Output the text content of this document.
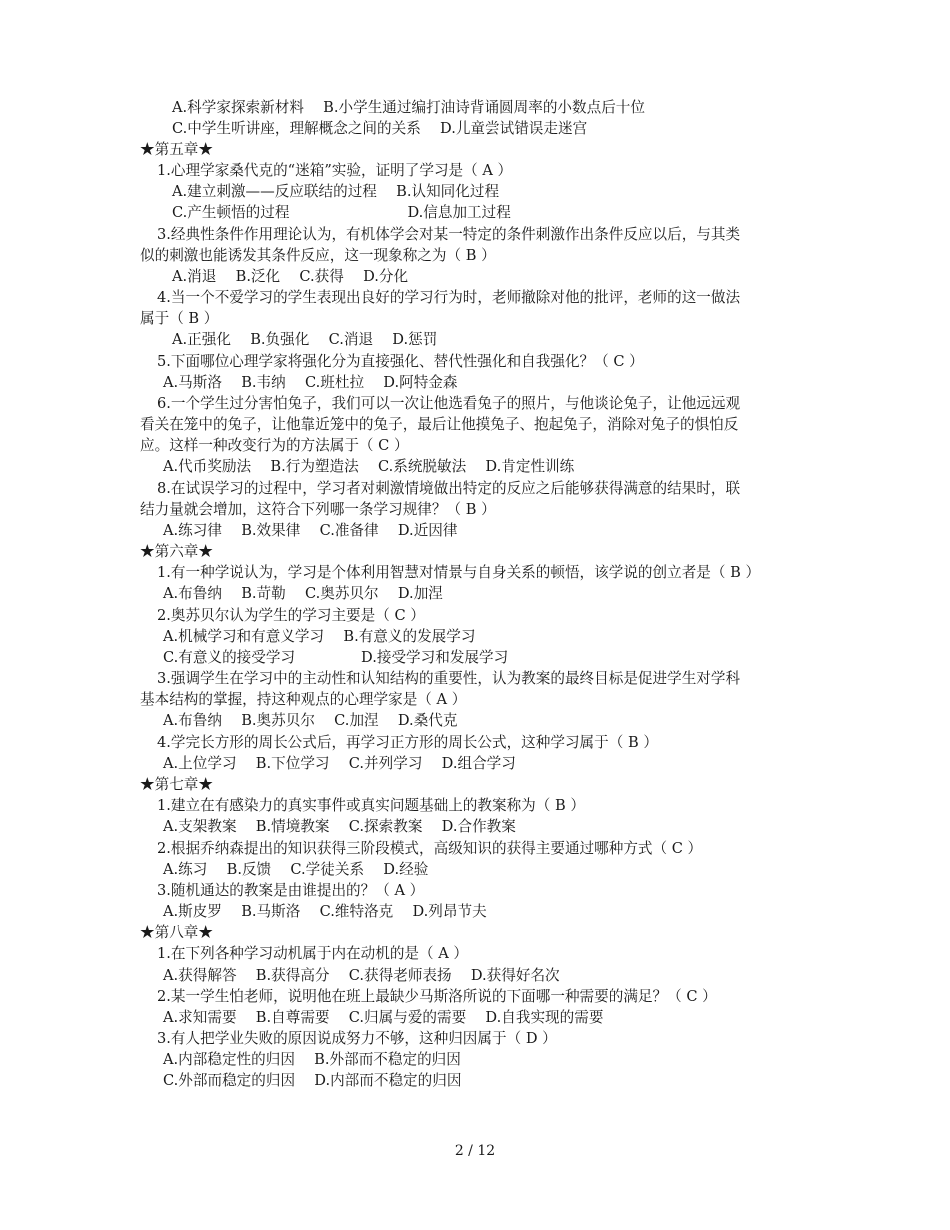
A.科学家探索新材料　 B.小学生通过编打油诗背诵圆周率的小数点后十位
C.中学生听讲座，理解概念之间的关系　 D.儿童尝试错误走迷宫
★第五章★
1.心理学家桑代克的“迷箱”实验，证明了学习是（ A ）
A.建立刺激——反应联结的过程　 B.认知同化过程
C.产生顿悟的过程	D.信息加工过程
3.经典性条件作用理论认为，有机体学会对某一特定的条件刺激作出条件反应以后，与其类
似的刺激也能诱发其条件反应，这一现象称之为（ B ）
A.消退　 B.泛化　 C.获得　 D.分化
4.当一个不爱学习的学生表现出良好的学习行为时，老师撤除对他的批评，老师的这一做法
属于（ B ）
A.正强化　 B.负强化　 C.消退　 D.惩罚
5.下面哪位心理学家将强化分为直接强化、替代性强化和自我强化？（ C ）
A.马斯洛　 B.韦纳　 C.班杜拉　 D.阿特金森
6.一个学生过分害怕兔子，我们可以一次让他选看兔子的照片，与他谈论兔子，让他远远观
看关在笼中的兔子，让他靠近笼中的兔子，最后让他摸兔子、抱起兔子，消除对兔子的惧怕反
应。这样一种改变行为的方法属于（ C ）
A.代币奖励法　 B.行为塑造法　 C.系统脱敏法　 D.肯定性训练
8.在试误学习的过程中，学习者对刺激情境做出特定的反应之后能够获得满意的结果时，联
结力量就会增加，这符合下列哪一条学习规律？（ B ）
A.练习律　 B.效果律　 C.准备律　 D.近因律
★第六章★
1.有一种学说认为，学习是个体利用智慧对情景与自身关系的顿悟，该学说的创立者是（ B ）
A.布鲁纳　 B.苛勒　 C.奥苏贝尔　 D.加涅
2.奥苏贝尔认为学生的学习主要是（ C ）
A.机械学习和有意义学习　 B.有意义的发展学习
C.有意义的接受学习	D.接受学习和发展学习
3.强调学生在学习中的主动性和认知结构的重要性，认为教案的最终目标是促进学生对学科
基本结构的掌握，持这种观点的心理学家是（ A ）
A.布鲁纳　 B.奥苏贝尔　 C.加涅　 D.桑代克
4.学完长方形的周长公式后，再学习正方形的周长公式，这种学习属于（ B ）
A.上位学习　 B.下位学习　 C.并列学习　 D.组合学习
★第七章★
1.建立在有感染力的真实事件或真实问题基础上的教案称为（ B ）
A.支架教案　 B.情境教案　 C.探索教案　 D.合作教案
2.根据乔纳森提出的知识获得三阶段模式，高级知识的获得主要通过哪种方式（ C ）
A.练习　 B.反馈　 C.学徒关系　 D.经验
3.随机通达的教案是由谁提出的？（ A ）
A.斯皮罗　 B.马斯洛　 C.维特洛克　 D.列昂节夫
★第八章★
1.在下列各种学习动机属于内在动机的是（ A ）
A.获得解答　 B.获得高分　 C.获得老师表扬　 D.获得好名次
2.某一学生怕老师，说明他在班上最缺少马斯洛所说的下面哪一种需要的满足？（ C ）
A.求知需要　 B.自尊需要　 C.归属与爱的需要　 D.自我实现的需要
3.有人把学业失败的原因说成努力不够，这种归因属于（ D ）
A.内部稳定性的归因　 B.外部而不稳定的归因
C.外部而稳定的归因　 D.内部而不稳定的归因
2 / 12
